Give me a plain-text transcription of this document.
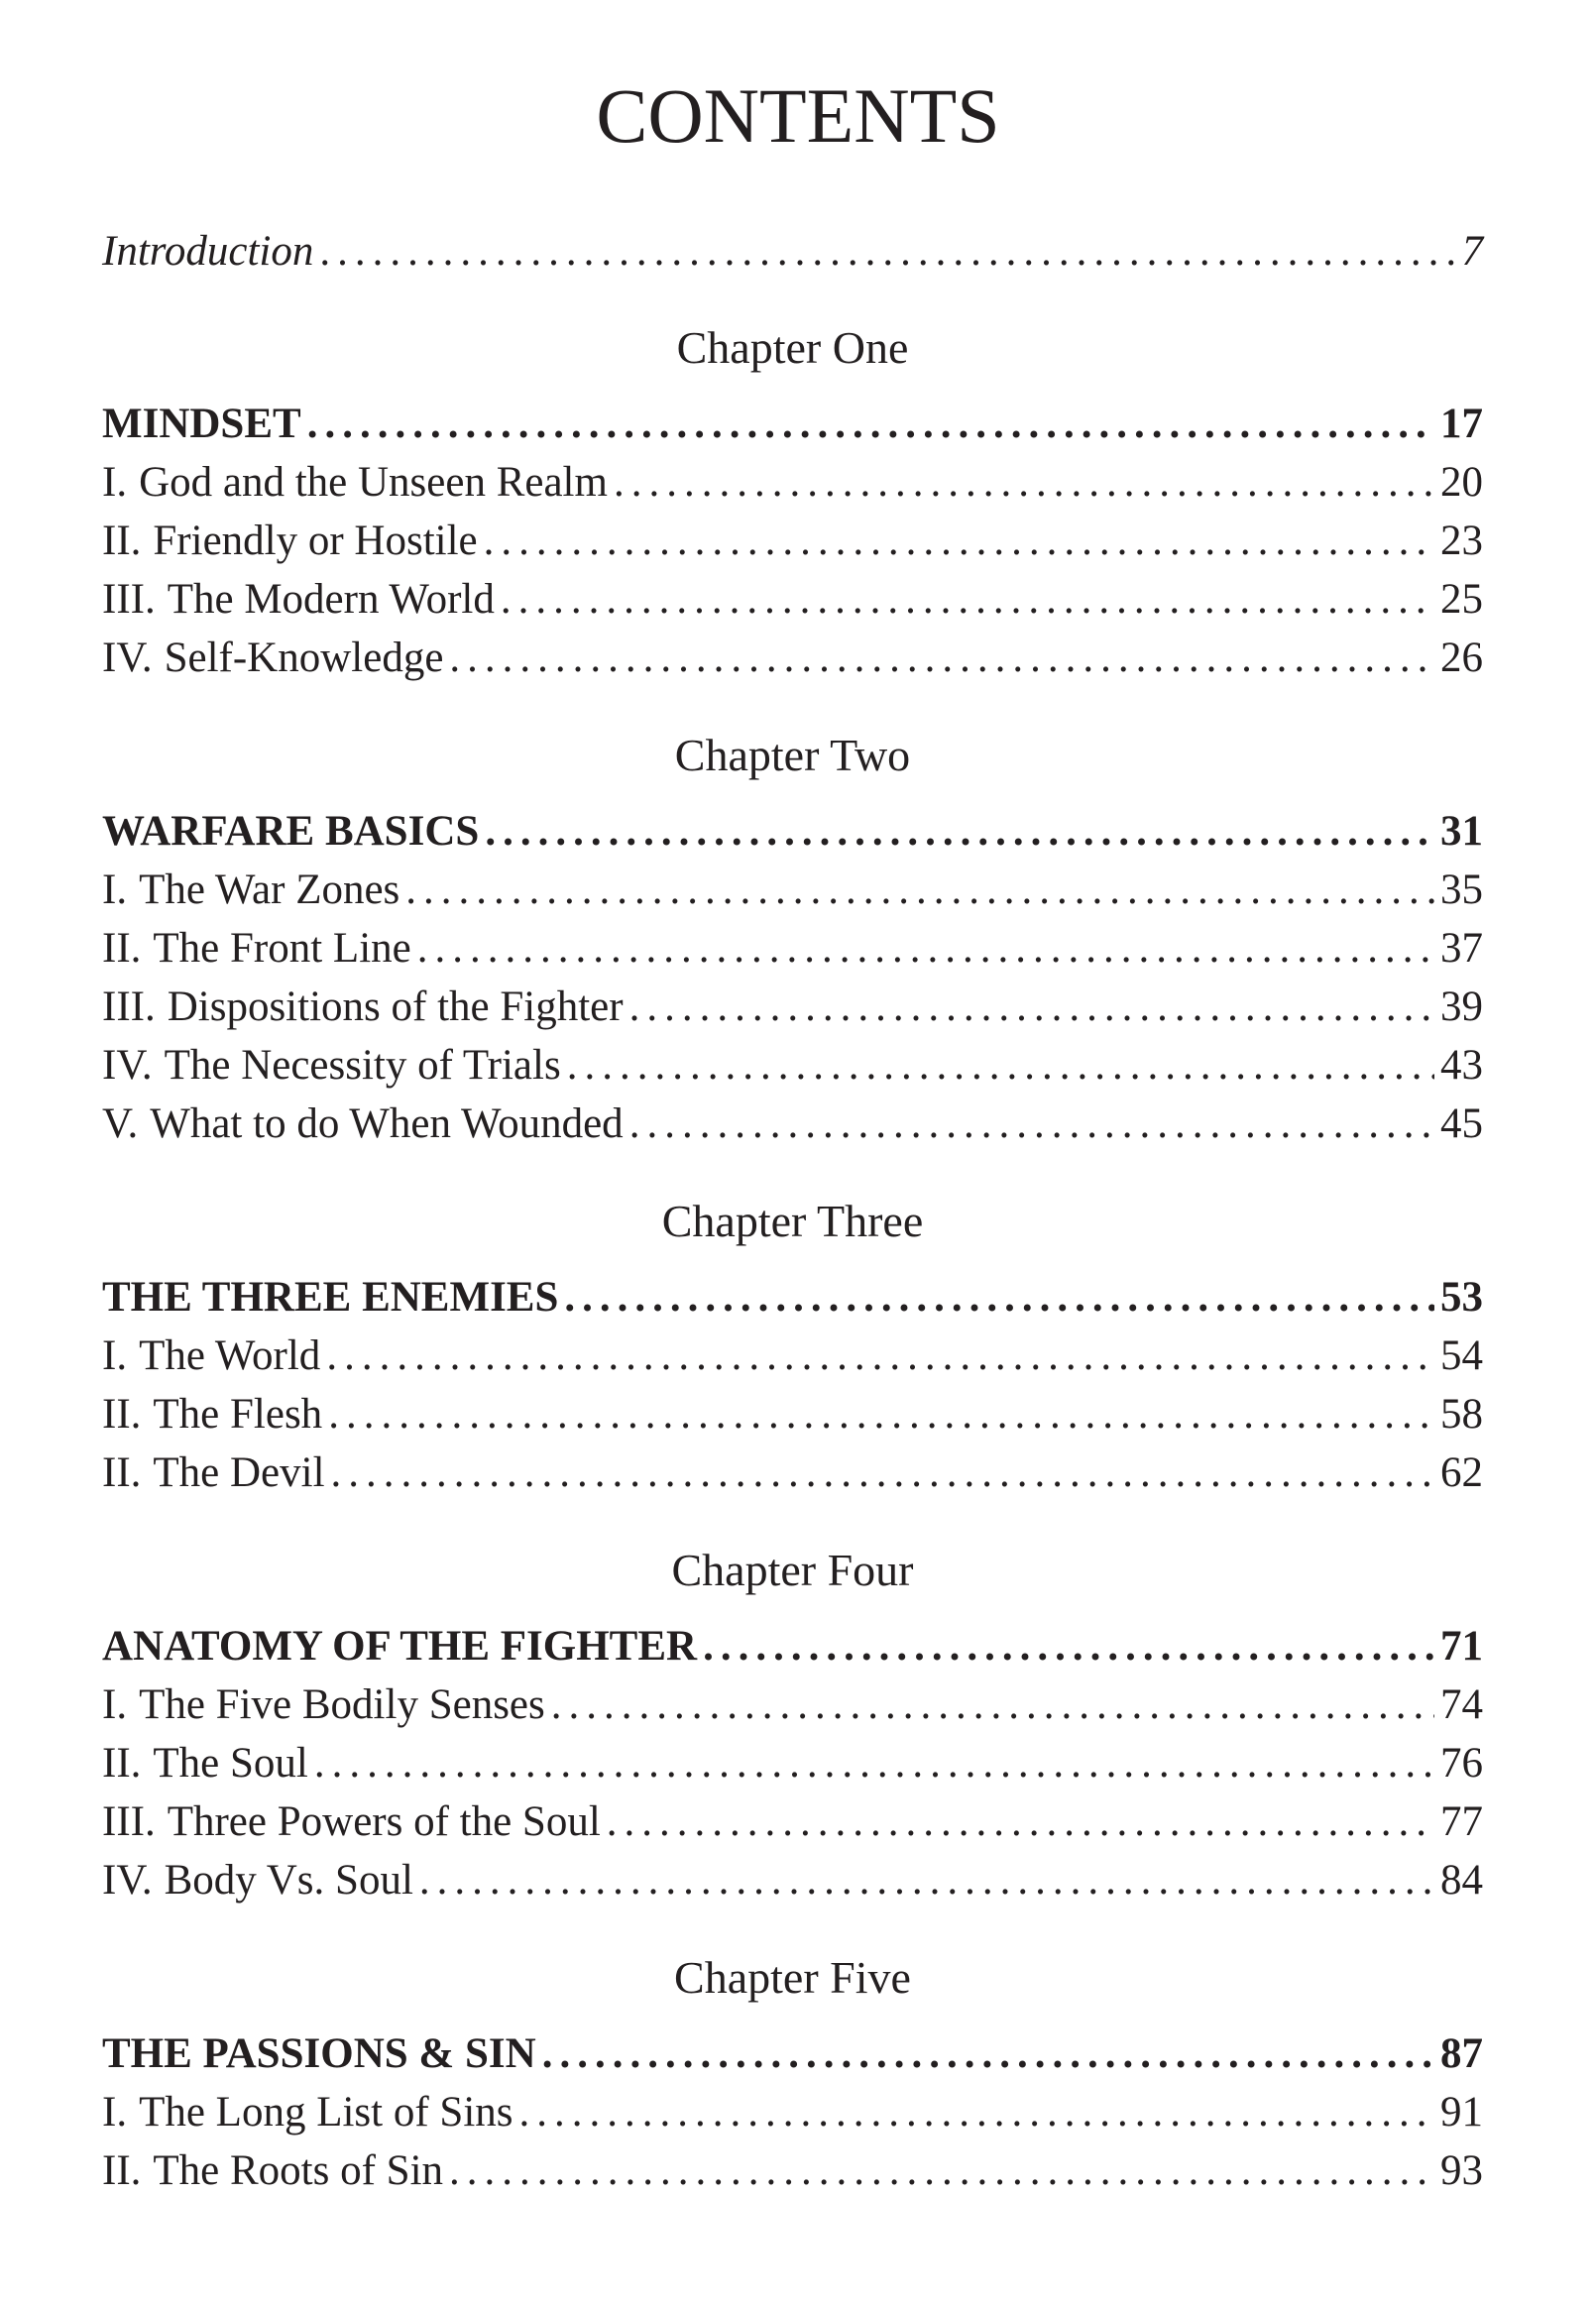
CONTENTS
Introduction .....	7
Chapter One
MINDSET .....	17
I. God and the Unseen Realm .....	20
II. Friendly or Hostile .....	23
III. The Modern World .....	25
IV. Self-Knowledge .....	26
Chapter Two
WARFARE BASICS .....	31
I. The War Zones .....	35
II. The Front Line .....	37
III. Dispositions of the Fighter .....	39
IV. The Necessity of Trials .....	43
V. What to do When Wounded .....	45
Chapter Three
THE THREE ENEMIES .....	53
I. The World .....	54
II. The Flesh .....	58
II. The Devil .....	62
Chapter Four
ANATOMY OF THE FIGHTER .....	71
I. The Five Bodily Senses .....	74
II. The Soul .....	76
III. Three Powers of the Soul .....	77
IV. Body Vs. Soul .....	84
Chapter Five
THE PASSIONS & SIN .....	87
I. The Long List of Sins .....	91
II. The Roots of Sin .....	93
